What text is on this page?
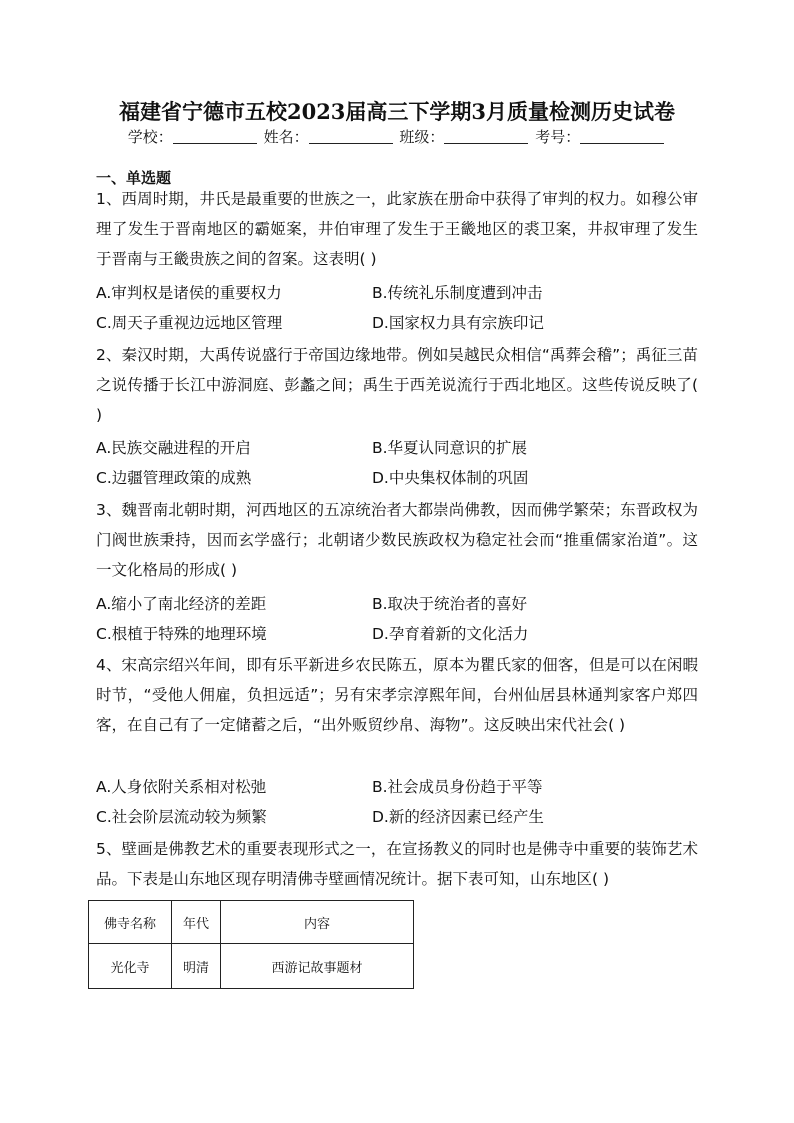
福建省宁德市五校2023届高三下学期3月质量检测历史试卷
学校：	姓名：	班级：	考号：
一、单选题
1、西周时期，井氏是最重要的世族之一，此家族在册命中获得了审判的权力。如穆公审理了发生于晋南地区的霸姬案，井伯审理了发生于王畿地区的裘卫案，井叔审理了发生于晋南与王畿贵族之间的曶案。这表明( )
A.审判权是诸侯的重要权力	B.传统礼乐制度遭到冲击
C.周天子重视边远地区管理	D.国家权力具有宗族印记
2、秦汉时期，大禹传说盛行于帝国边缘地带。例如吴越民众相信“禹葬会稽”；禹征三苗之说传播于长江中游洞庭、彭蠡之间；禹生于西羌说流行于西北地区。这些传说反映了( )
A.民族交融进程的开启	B.华夏认同意识的扩展
C.边疆管理政策的成熟	D.中央集权体制的巩固
3、魏晋南北朝时期，河西地区的五凉统治者大都崇尚佛教，因而佛学繁荣；东晋政权为门阀世族秉持，因而玄学盛行；北朝诸少数民族政权为稳定社会而“推重儒家治道”。这一文化格局的形成( )
A.缩小了南北经济的差距	B.取决于统治者的喜好
C.根植于特殊的地理环境	D.孕育着新的文化活力
4、宋高宗绍兴年间，即有乐平新进乡农民陈五，原本为瞿氏家的佃客，但是可以在闲暇时节，“受他人佣雇，负担远适”；另有宋孝宗淳熙年间，台州仙居县林通判家客户郑四客，在自己有了一定储蓄之后，“出外贩贸纱帛、海物”。这反映出宋代社会( )
A.人身依附关系相对松弛	B.社会成员身份趋于平等
C.社会阶层流动较为频繁	D.新的经济因素已经产生
5、壁画是佛教艺术的重要表现形式之一，在宣扬教义的同时也是佛寺中重要的装饰艺术品。下表是山东地区现存明清佛寺壁画情况统计。据下表可知，山东地区( )
佛寺名称	年代	内容
光化寺	明清	西游记故事题材
